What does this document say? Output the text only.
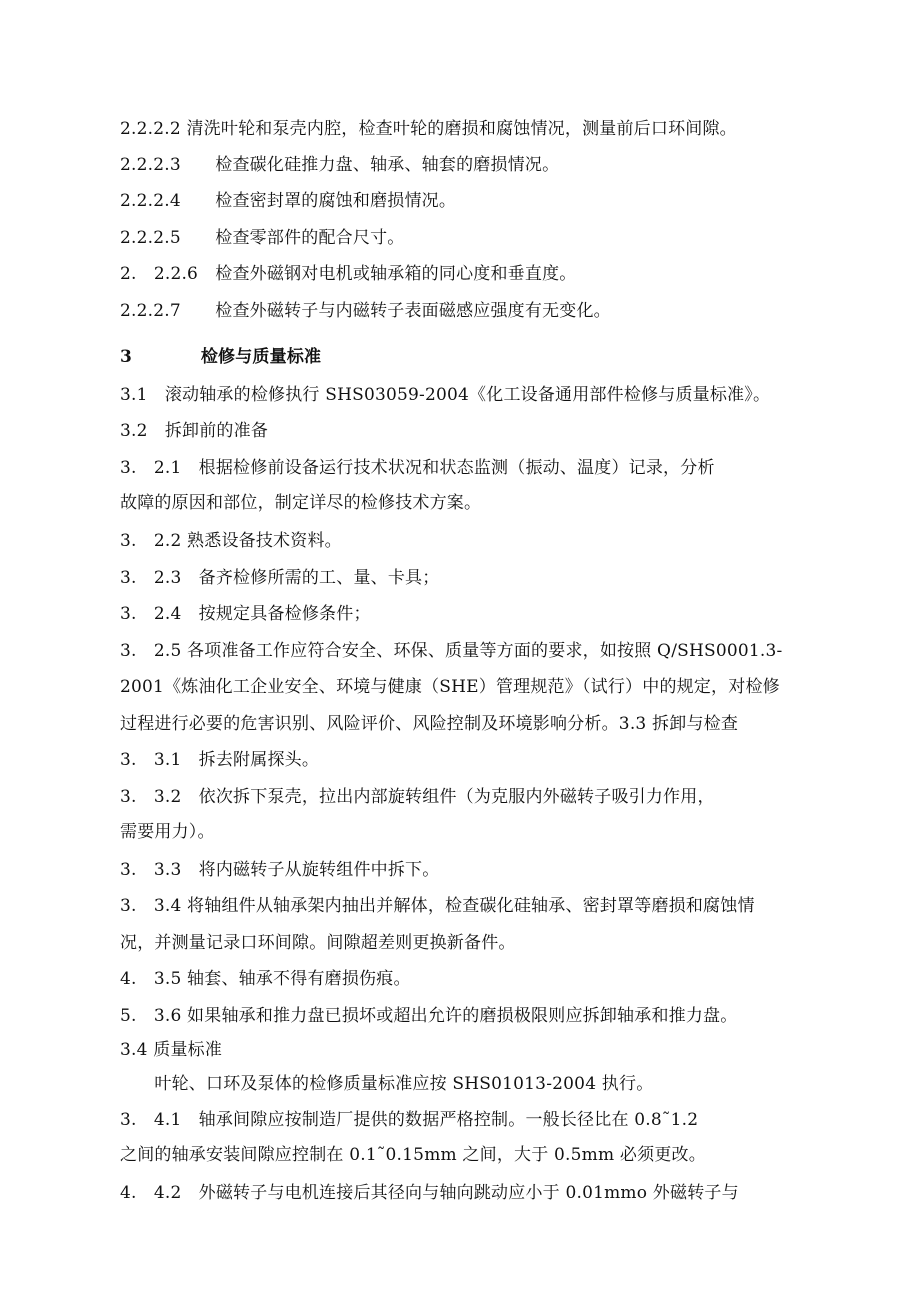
2.2.2.2 清洗叶轮和泵壳内腔，检查叶轮的磨损和腐蚀情况，测量前后口环间隙。
2.2.2.3　　检查碳化硅推力盘、轴承、轴套的磨损情况。
2.2.2.4　　检查密封罩的腐蚀和磨损情况。
2.2.2.5　　检查零部件的配合尺寸。
2.　2.2.6　检查外磁钢对电机或轴承箱的同心度和垂直度。
2.2.2.7　　检查外磁转子与内磁转子表面磁感应强度有无变化。
3　　　　检修与质量标准
3.1　滚动轴承的检修执行 SHS03059-2004《化工设备通用部件检修与质量标准》。
3.2　拆卸前的准备
3.　2.1　根据检修前设备运行技术状况和状态监测（振动、温度）记录，分析
故障的原因和部位，制定详尽的检修技术方案。
3.　2.2 熟悉设备技术资料。
3.　2.3　备齐检修所需的工、量、卡具；
3.　2.4　按规定具备检修条件；
3.　2.5 各项准备工作应符合安全、环保、质量等方面的要求，如按照 Q/SHS0001.3-
2001《炼油化工企业安全、环境与健康（SHE）管理规范》（试行）中的规定，对检修
过程进行必要的危害识别、风险评价、风险控制及环境影响分析。3.3 拆卸与检查
3.　3.1　拆去附属探头。
3.　3.2　依次拆下泵壳，拉出内部旋转组件（为克服内外磁转子吸引力作用，
需要用力）。
3.　3.3　将内磁转子从旋转组件中拆下。
3.　3.4 将轴组件从轴承架内抽出并解体，检查碳化硅轴承、密封罩等磨损和腐蚀情
况，并测量记录口环间隙。间隙超差则更换新备件。
4.　3.5 轴套、轴承不得有磨损伤痕。
5.　3.6 如果轴承和推力盘已损坏或超出允许的磨损极限则应拆卸轴承和推力盘。
3.4 质量标准
　　叶轮、口环及泵体的检修质量标准应按 SHS01013-2004 执行。
3.　4.1　轴承间隙应按制造厂提供的数据严格控制。一般长径比在 0.8˜1.2
之间的轴承安装间隙应控制在 0.1˜0.15mm 之间，大于 0.5mm 必须更改。
4.　4.2　外磁转子与电机连接后其径向与轴向跳动应小于 0.01mmo 外磁转子与
